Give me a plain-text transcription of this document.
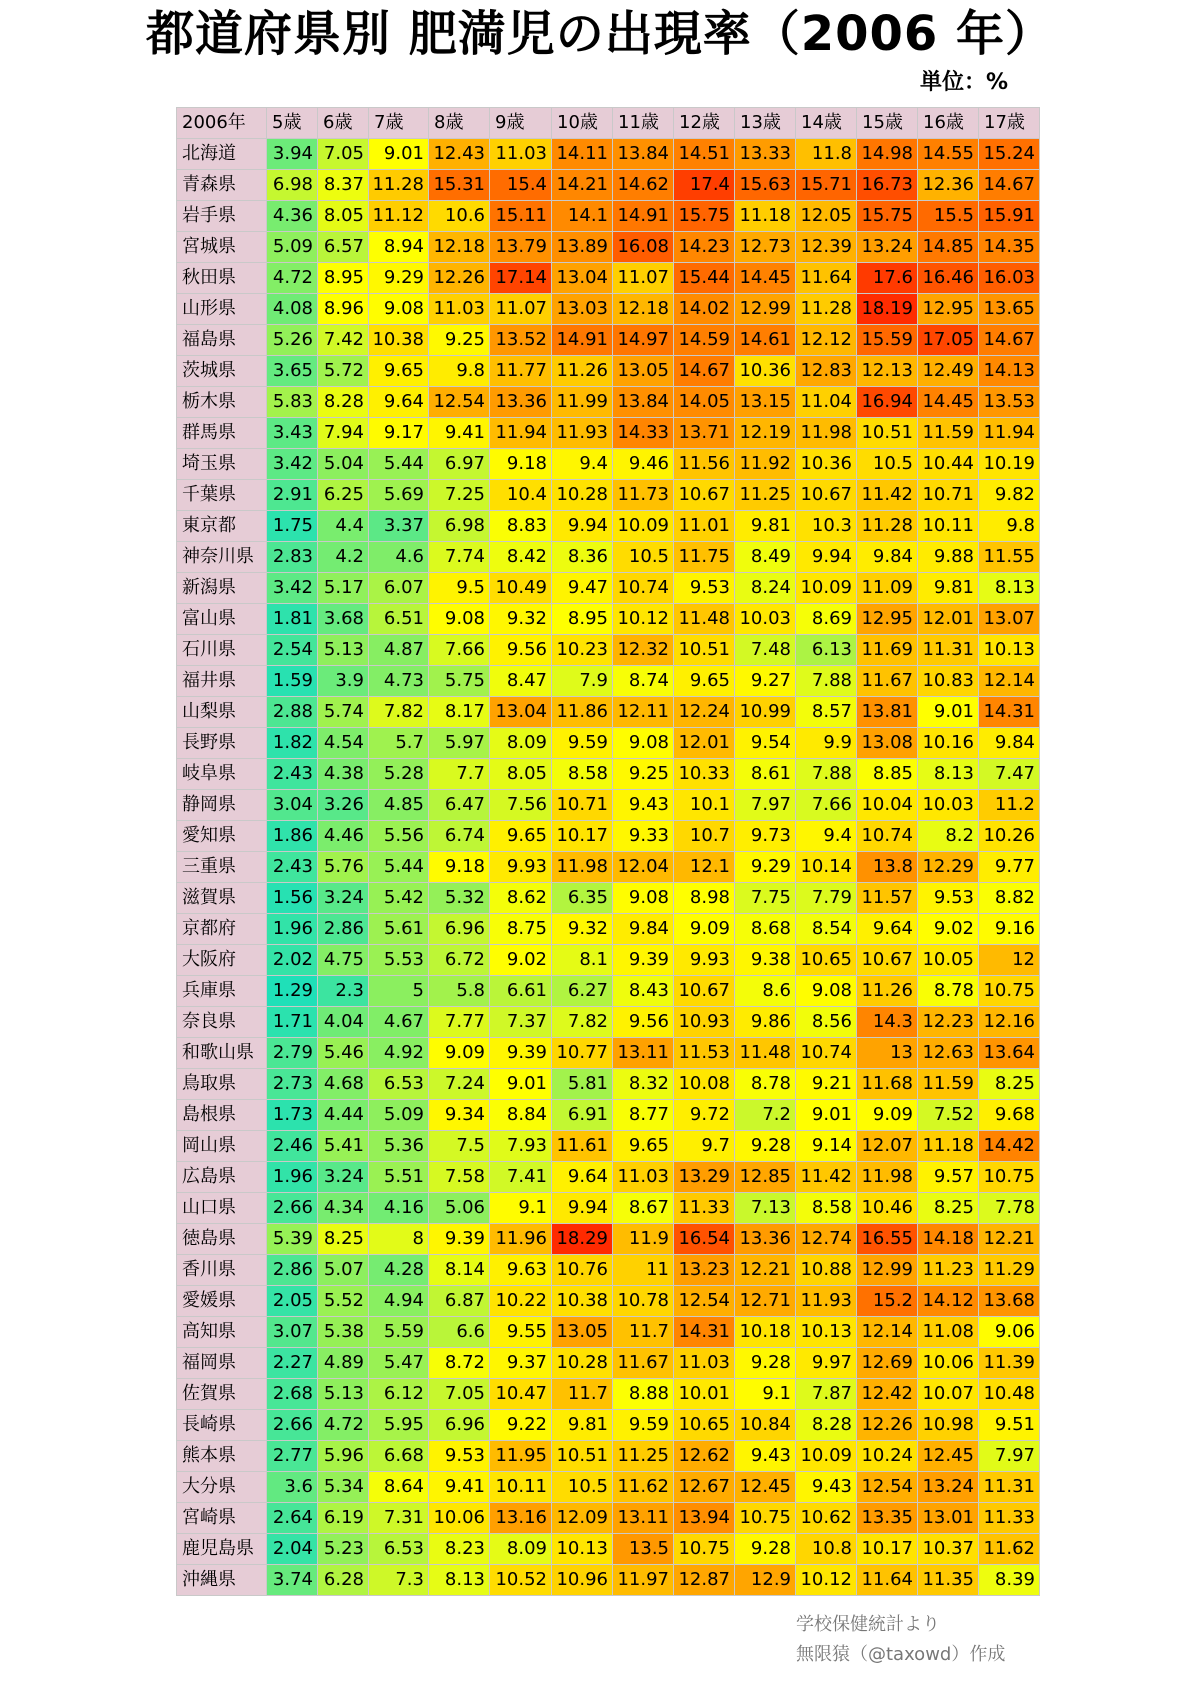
都道府県別 肥満児の出現率（2006 年）
単位：%
2006年	5歳	6歳	7歳	8歳	9歳	10歳	11歳	12歳	13歳	14歳	15歳	16歳	17歳
北海道	3.94	7.05	9.01	12.43	11.03	14.11	13.84	14.51	13.33	11.8	14.98	14.55	15.24
青森県	6.98	8.37	11.28	15.31	15.4	14.21	14.62	17.4	15.63	15.71	16.73	12.36	14.67
岩手県	4.36	8.05	11.12	10.6	15.11	14.1	14.91	15.75	11.18	12.05	15.75	15.5	15.91
宮城県	5.09	6.57	8.94	12.18	13.79	13.89	16.08	14.23	12.73	12.39	13.24	14.85	14.35
秋田県	4.72	8.95	9.29	12.26	17.14	13.04	11.07	15.44	14.45	11.64	17.6	16.46	16.03
山形県	4.08	8.96	9.08	11.03	11.07	13.03	12.18	14.02	12.99	11.28	18.19	12.95	13.65
福島県	5.26	7.42	10.38	9.25	13.52	14.91	14.97	14.59	14.61	12.12	15.59	17.05	14.67
茨城県	3.65	5.72	9.65	9.8	11.77	11.26	13.05	14.67	10.36	12.83	12.13	12.49	14.13
栃木県	5.83	8.28	9.64	12.54	13.36	11.99	13.84	14.05	13.15	11.04	16.94	14.45	13.53
群馬県	3.43	7.94	9.17	9.41	11.94	11.93	14.33	13.71	12.19	11.98	10.51	11.59	11.94
埼玉県	3.42	5.04	5.44	6.97	9.18	9.4	9.46	11.56	11.92	10.36	10.5	10.44	10.19
千葉県	2.91	6.25	5.69	7.25	10.4	10.28	11.73	10.67	11.25	10.67	11.42	10.71	9.82
東京都	1.75	4.4	3.37	6.98	8.83	9.94	10.09	11.01	9.81	10.3	11.28	10.11	9.8
神奈川県	2.83	4.2	4.6	7.74	8.42	8.36	10.5	11.75	8.49	9.94	9.84	9.88	11.55
新潟県	3.42	5.17	6.07	9.5	10.49	9.47	10.74	9.53	8.24	10.09	11.09	9.81	8.13
富山県	1.81	3.68	6.51	9.08	9.32	8.95	10.12	11.48	10.03	8.69	12.95	12.01	13.07
石川県	2.54	5.13	4.87	7.66	9.56	10.23	12.32	10.51	7.48	6.13	11.69	11.31	10.13
福井県	1.59	3.9	4.73	5.75	8.47	7.9	8.74	9.65	9.27	7.88	11.67	10.83	12.14
山梨県	2.88	5.74	7.82	8.17	13.04	11.86	12.11	12.24	10.99	8.57	13.81	9.01	14.31
長野県	1.82	4.54	5.7	5.97	8.09	9.59	9.08	12.01	9.54	9.9	13.08	10.16	9.84
岐阜県	2.43	4.38	5.28	7.7	8.05	8.58	9.25	10.33	8.61	7.88	8.85	8.13	7.47
静岡県	3.04	3.26	4.85	6.47	7.56	10.71	9.43	10.1	7.97	7.66	10.04	10.03	11.2
愛知県	1.86	4.46	5.56	6.74	9.65	10.17	9.33	10.7	9.73	9.4	10.74	8.2	10.26
三重県	2.43	5.76	5.44	9.18	9.93	11.98	12.04	12.1	9.29	10.14	13.8	12.29	9.77
滋賀県	1.56	3.24	5.42	5.32	8.62	6.35	9.08	8.98	7.75	7.79	11.57	9.53	8.82
京都府	1.96	2.86	5.61	6.96	8.75	9.32	9.84	9.09	8.68	8.54	9.64	9.02	9.16
大阪府	2.02	4.75	5.53	6.72	9.02	8.1	9.39	9.93	9.38	10.65	10.67	10.05	12
兵庫県	1.29	2.3	5	5.8	6.61	6.27	8.43	10.67	8.6	9.08	11.26	8.78	10.75
奈良県	1.71	4.04	4.67	7.77	7.37	7.82	9.56	10.93	9.86	8.56	14.3	12.23	12.16
和歌山県	2.79	5.46	4.92	9.09	9.39	10.77	13.11	11.53	11.48	10.74	13	12.63	13.64
鳥取県	2.73	4.68	6.53	7.24	9.01	5.81	8.32	10.08	8.78	9.21	11.68	11.59	8.25
島根県	1.73	4.44	5.09	9.34	8.84	6.91	8.77	9.72	7.2	9.01	9.09	7.52	9.68
岡山県	2.46	5.41	5.36	7.5	7.93	11.61	9.65	9.7	9.28	9.14	12.07	11.18	14.42
広島県	1.96	3.24	5.51	7.58	7.41	9.64	11.03	13.29	12.85	11.42	11.98	9.57	10.75
山口県	2.66	4.34	4.16	5.06	9.1	9.94	8.67	11.33	7.13	8.58	10.46	8.25	7.78
徳島県	5.39	8.25	8	9.39	11.96	18.29	11.9	16.54	13.36	12.74	16.55	14.18	12.21
香川県	2.86	5.07	4.28	8.14	9.63	10.76	11	13.23	12.21	10.88	12.99	11.23	11.29
愛媛県	2.05	5.52	4.94	6.87	10.22	10.38	10.78	12.54	12.71	11.93	15.2	14.12	13.68
高知県	3.07	5.38	5.59	6.6	9.55	13.05	11.7	14.31	10.18	10.13	12.14	11.08	9.06
福岡県	2.27	4.89	5.47	8.72	9.37	10.28	11.67	11.03	9.28	9.97	12.69	10.06	11.39
佐賀県	2.68	5.13	6.12	7.05	10.47	11.7	8.88	10.01	9.1	7.87	12.42	10.07	10.48
長崎県	2.66	4.72	5.95	6.96	9.22	9.81	9.59	10.65	10.84	8.28	12.26	10.98	9.51
熊本県	2.77	5.96	6.68	9.53	11.95	10.51	11.25	12.62	9.43	10.09	10.24	12.45	7.97
大分県	3.6	5.34	8.64	9.41	10.11	10.5	11.62	12.67	12.45	9.43	12.54	13.24	11.31
宮崎県	2.64	6.19	7.31	10.06	13.16	12.09	13.11	13.94	10.75	10.62	13.35	13.01	11.33
鹿児島県	2.04	5.23	6.53	8.23	8.09	10.13	13.5	10.75	9.28	10.8	10.17	10.37	11.62
沖縄県	3.74	6.28	7.3	8.13	10.52	10.96	11.97	12.87	12.9	10.12	11.64	11.35	8.39
学校保健統計より
無限猿（@taxowd）作成
